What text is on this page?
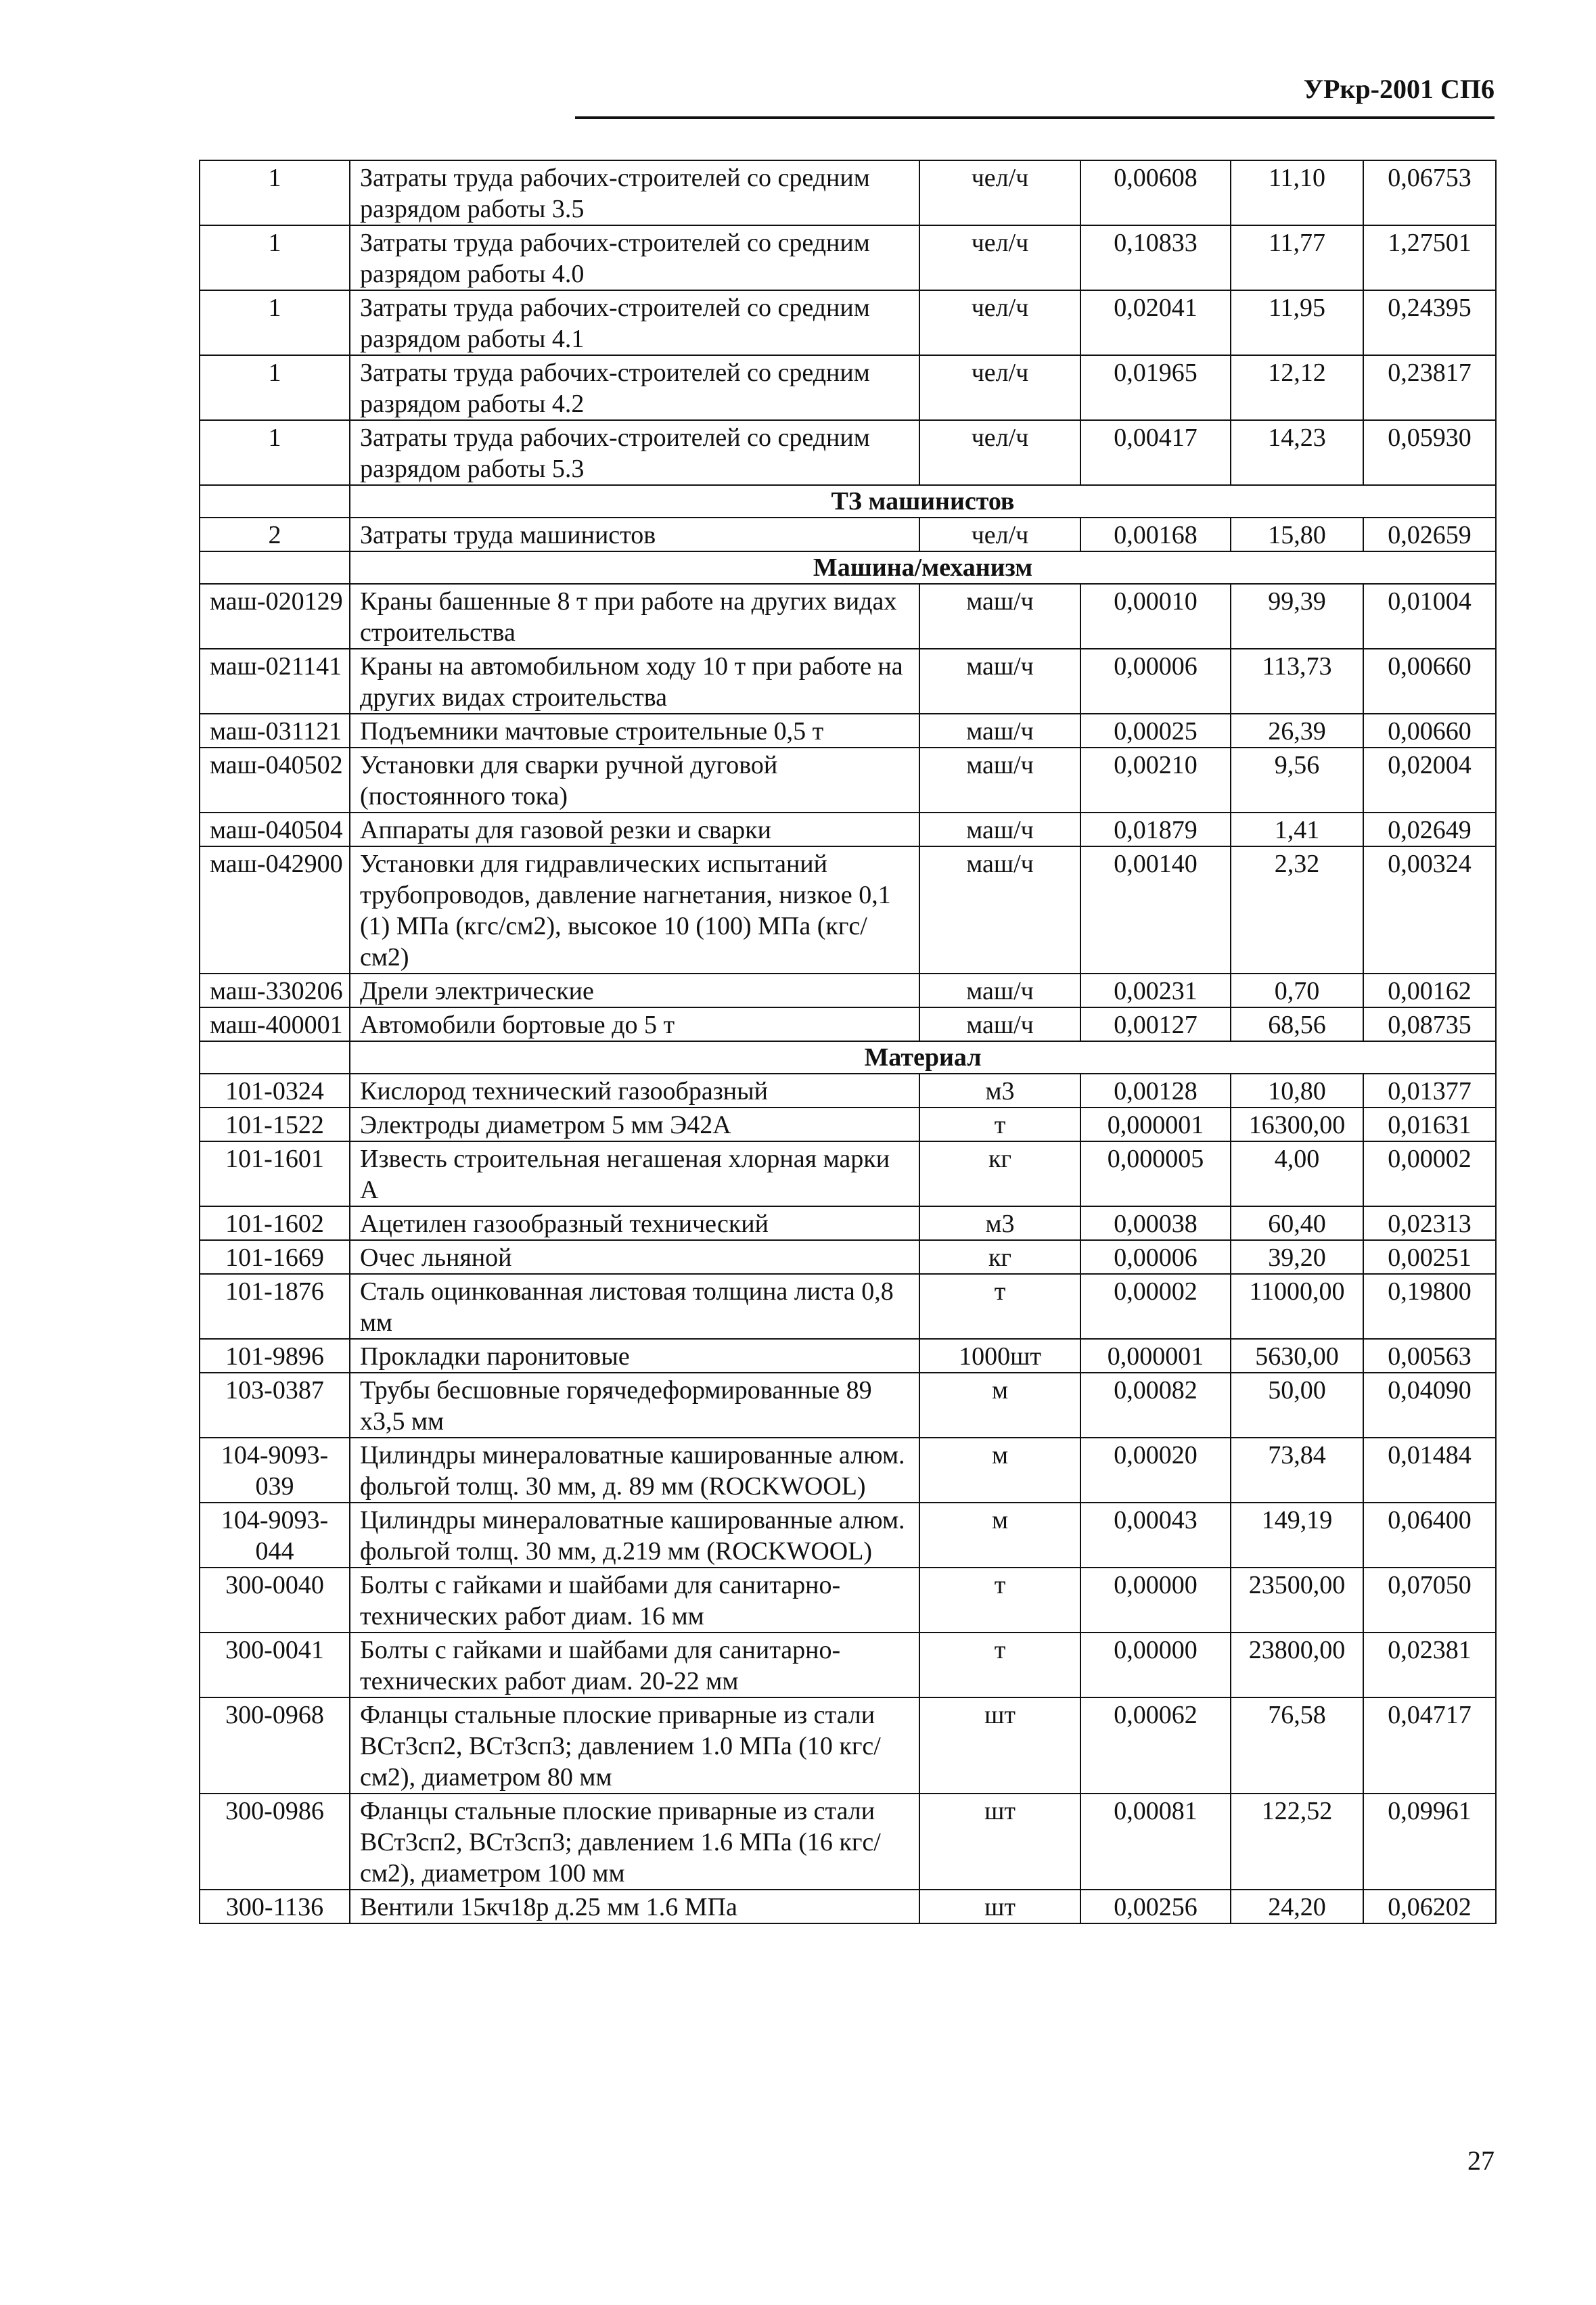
УРкр-2001 СП6
1	Затраты труда рабочих-строителей со средним разрядом работы 3.5	чел/ч	0,00608	11,10	0,06753
1	Затраты труда рабочих-строителей со средним разрядом работы 4.0	чел/ч	0,10833	11,77	1,27501
1	Затраты труда рабочих-строителей со средним разрядом работы 4.1	чел/ч	0,02041	11,95	0,24395
1	Затраты труда рабочих-строителей со средним разрядом работы 4.2	чел/ч	0,01965	12,12	0,23817
1	Затраты труда рабочих-строителей со средним разрядом работы 5.3	чел/ч	0,00417	14,23	0,05930
	ТЗ машинистов				
2	Затраты труда машинистов	чел/ч	0,00168	15,80	0,02659
	Машина/механизм				
маш-020129	Краны башенные 8 т при работе на других видах строительства	маш/ч	0,00010	99,39	0,01004
маш-021141	Краны на автомобильном ходу 10 т при работе на других видах строительства	маш/ч	0,00006	113,73	0,00660
маш-031121	Подъемники мачтовые строительные 0,5 т	маш/ч	0,00025	26,39	0,00660
маш-040502	Установки для сварки ручной дуговой (постоянного тока)	маш/ч	0,00210	9,56	0,02004
маш-040504	Аппараты для газовой резки и сварки	маш/ч	0,01879	1,41	0,02649
маш-042900	Установки для гидравлических испытаний трубопроводов, давление нагнетания, низкое 0,1 (1) МПа (кгс/см2), высокое 10 (100) МПа (кгс/см2)	маш/ч	0,00140	2,32	0,00324
маш-330206	Дрели электрические	маш/ч	0,00231	0,70	0,00162
маш-400001	Автомобили бортовые до 5 т	маш/ч	0,00127	68,56	0,08735
	Материал				
101-0324	Кислород технический газообразный	м3	0,00128	10,80	0,01377
101-1522	Электроды диаметром 5 мм Э42А	т	0,000001	16300,00	0,01631
101-1601	Известь строительная негашеная хлорная марки А	кг	0,000005	4,00	0,00002
101-1602	Ацетилен газообразный технический	м3	0,00038	60,40	0,02313
101-1669	Очес льняной	кг	0,00006	39,20	0,00251
101-1876	Сталь оцинкованная листовая толщина листа 0,8 мм	т	0,00002	11000,00	0,19800
101-9896	Прокладки паронитовые	1000шт	0,000001	5630,00	0,00563
103-0387	Трубы бесшовные горячедеформированные 89 x3,5 мм	м	0,00082	50,00	0,04090
104-9093-039	Цилиндры минераловатные кашированные алюм. фольгой толщ. 30 мм, д. 89 мм (ROCKWOOL)	м	0,00020	73,84	0,01484
104-9093-044	Цилиндры минераловатные кашированные алюм. фольгой толщ. 30 мм, д.219 мм (ROCKWOOL)	м	0,00043	149,19	0,06400
300-0040	Болты с гайками и шайбами для санитарно-технических работ диам. 16 мм	т	0,00000	23500,00	0,07050
300-0041	Болты с гайками и шайбами для санитарно-технических работ диам. 20-22 мм	т	0,00000	23800,00	0,02381
300-0968	Фланцы стальные плоские приварные из стали ВСт3сп2, ВСт3сп3; давлением 1.0 МПа (10 кгс/см2), диаметром 80 мм	шт	0,00062	76,58	0,04717
300-0986	Фланцы стальные плоские приварные из стали ВСт3сп2, ВСт3сп3; давлением 1.6 МПа (16 кгс/см2), диаметром 100 мм	шт	0,00081	122,52	0,09961
300-1136	Вентили 15кч18р д.25 мм 1.6 МПа	шт	0,00256	24,20	0,06202
27
